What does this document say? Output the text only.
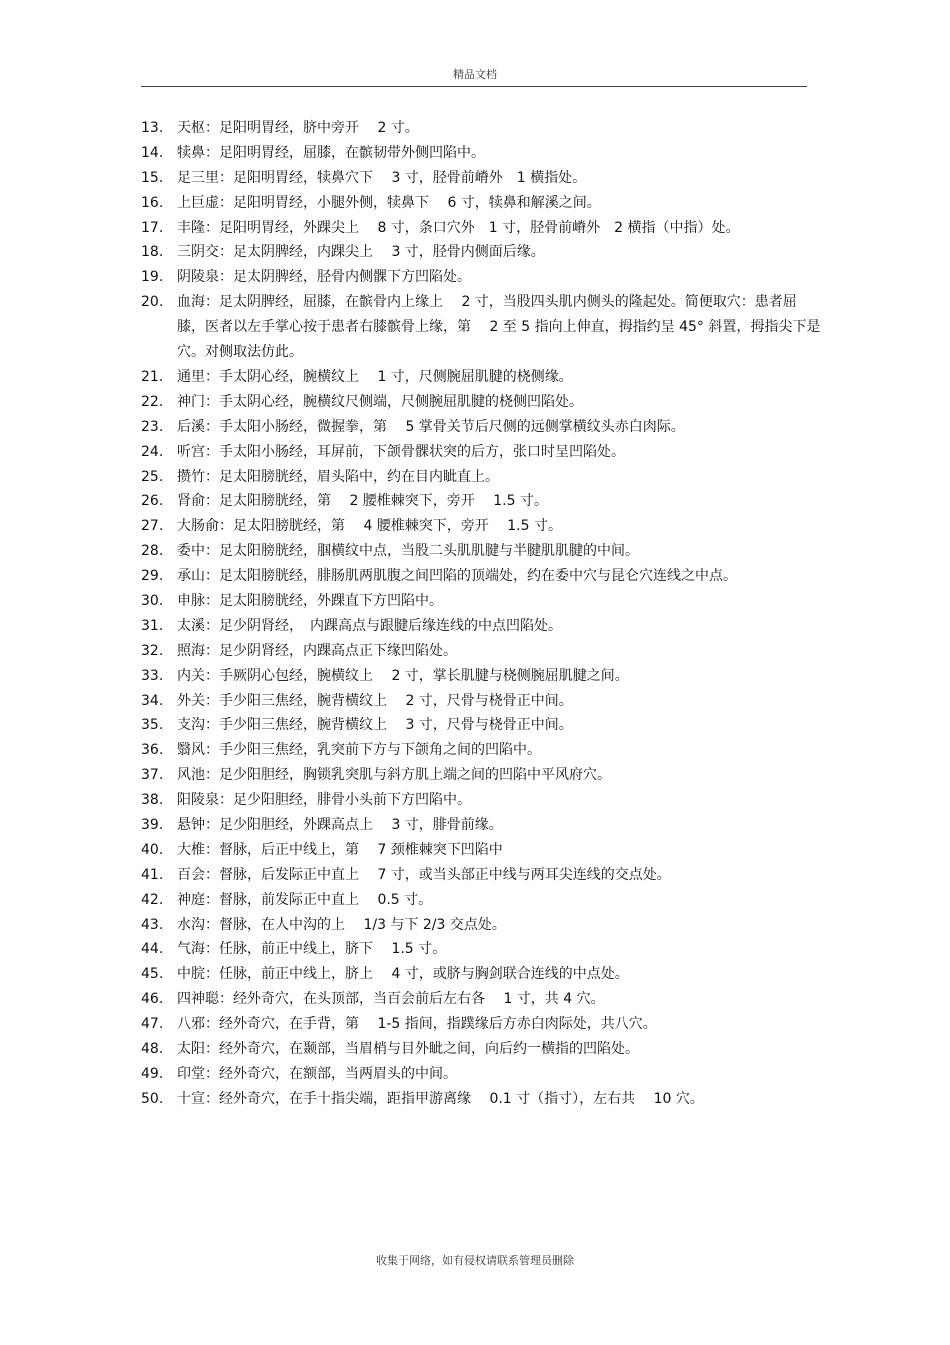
精品文档
13. 天枢：足阳明胃经，脐中旁开　 2 寸。
14. 犊鼻：足阳明胃经，屈膝，在髌韧带外侧凹陷中。
15. 足三里：足阳明胃经，犊鼻穴下　 3 寸，胫骨前嵴外　1 横指处。
16. 上巨虚：足阳明胃经，小腿外侧，犊鼻下　 6 寸，犊鼻和解溪之间。
17. 丰隆：足阳明胃经，外踝尖上　 8 寸，条口穴外　1 寸，胫骨前嵴外　2 横指（中指）处。
18. 三阴交：足太阴脾经，内踝尖上　 3 寸，胫骨内侧面后缘。
19. 阴陵泉：足太阴脾经，胫骨内侧髁下方凹陷处。
20. 血海：足太阴脾经，屈膝，在髌骨内上缘上　 2 寸，当股四头肌内侧头的隆起处。简便取穴：患者屈膝，医者以左手掌心按于患者右膝髌骨上缘，第　 2 至 5 指向上伸直，拇指约呈 45° 斜置，拇指尖下是穴。对侧取法仿此。
21. 通里：手太阴心经，腕横纹上　 1 寸，尺侧腕屈肌腱的桡侧缘。
22. 神门：手太阴心经，腕横纹尺侧端，尺侧腕屈肌腱的桡侧凹陷处。
23. 后溪：手太阳小肠经，微握拳，第　 5 掌骨关节后尺侧的远侧掌横纹头赤白肉际。
24. 听宫：手太阳小肠经，耳屏前，下颌骨髁状突的后方，张口时呈凹陷处。
25. 攒竹：足太阳膀胱经，眉头陷中，约在目内眦直上。
26. 肾俞：足太阳膀胱经，第　 2 腰椎棘突下，旁开　 1.5 寸。
27. 大肠俞：足太阳膀胱经，第　 4 腰椎棘突下，旁开　 1.5 寸。
28. 委中：足太阳膀胱经，腘横纹中点，当股二头肌肌腱与半腱肌肌腱的中间。
29. 承山：足太阳膀胱经，腓肠肌两肌腹之间凹陷的顶端处，约在委中穴与昆仑穴连线之中点。
30. 申脉：足太阳膀胱经，外踝直下方凹陷中。
31. 太溪：足少阴肾经，　内踝高点与跟腱后缘连线的中点凹陷处。
32. 照海：足少阴肾经，内踝高点正下缘凹陷处。
33. 内关：手厥阴心包经，腕横纹上　 2 寸，掌长肌腱与桡侧腕屈肌腱之间。
34. 外关：手少阳三焦经，腕背横纹上　 2 寸，尺骨与桡骨正中间。
35. 支沟：手少阳三焦经，腕背横纹上　 3 寸，尺骨与桡骨正中间。
36. 翳风：手少阳三焦经，乳突前下方与下颌角之间的凹陷中。
37. 风池：足少阳胆经，胸锁乳突肌与斜方肌上端之间的凹陷中平风府穴。
38. 阳陵泉：足少阳胆经，腓骨小头前下方凹陷中。
39. 悬钟：足少阳胆经，外踝高点上　 3 寸，腓骨前缘。
40. 大椎：督脉，后正中线上，第　 7 颈椎棘突下凹陷中
41. 百会：督脉，后发际正中直上　 7 寸，或当头部正中线与两耳尖连线的交点处。
42. 神庭：督脉，前发际正中直上　 0.5 寸。
43. 水沟：督脉，在人中沟的上　 1/3 与下 2/3 交点处。
44. 气海：任脉，前正中线上，脐下　 1.5 寸。
45. 中脘：任脉，前正中线上，脐上　 4 寸，或脐与胸剑联合连线的中点处。
46. 四神聪：经外奇穴，在头顶部，当百会前后左右各　 1 寸，共 4 穴。
47. 八邪：经外奇穴，在手背，第　 1-5 指间，指蹼缘后方赤白肉际处，共八穴。
48. 太阳：经外奇穴，在颞部，当眉梢与目外眦之间，向后约一横指的凹陷处。
49. 印堂：经外奇穴，在额部，当两眉头的中间。
50. 十宣：经外奇穴，在手十指尖端，距指甲游离缘　 0.1 寸（指寸），左右共　 10 穴。
收集于网络，如有侵权请联系管理员删除
